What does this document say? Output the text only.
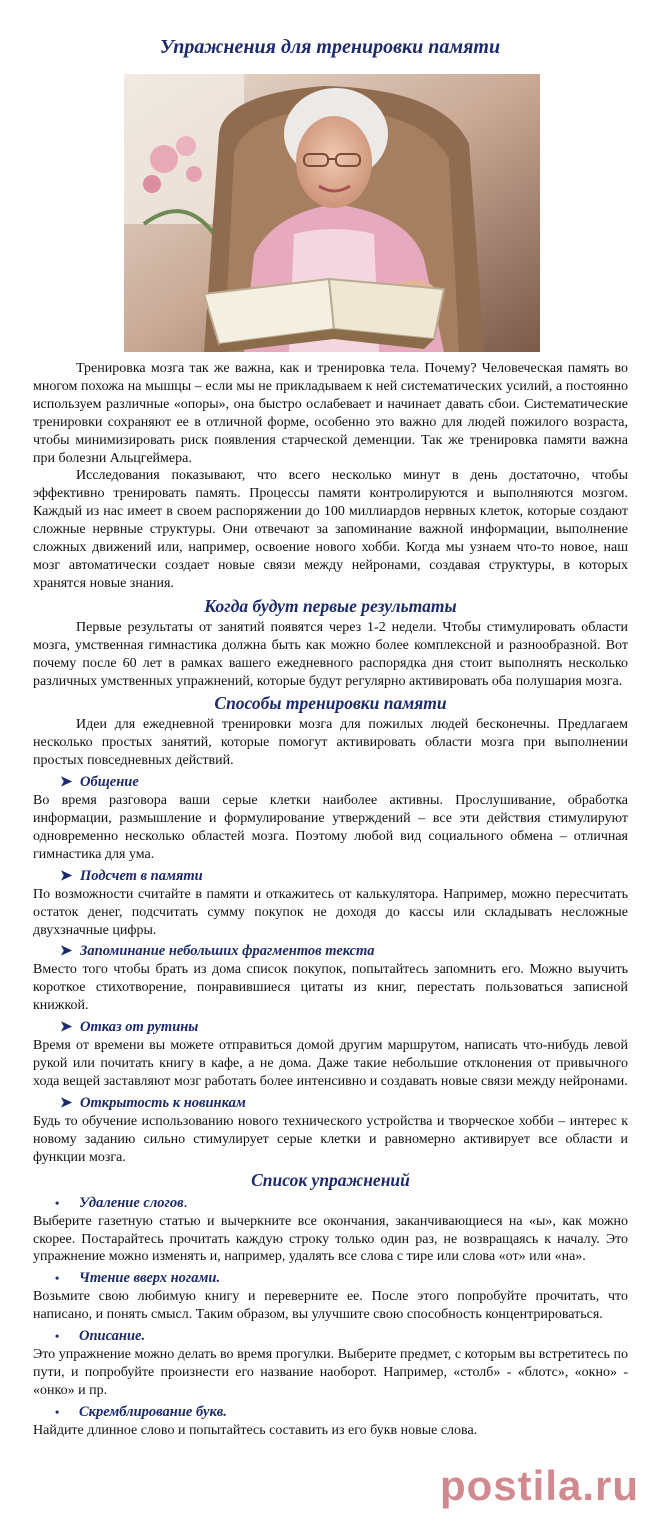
Упражнения для тренировки памяти

Тренировка мозга так же важна, как и тренировка тела. Почему? Человеческая память во многом похожа на мышцы – если мы не прикладываем к ней систематических усилий, а постоянно используем различные «опоры», она быстро ослабевает и начинает давать сбои. Систематические тренировки сохраняют ее в отличной форме, особенно это важно для людей пожилого возраста, чтобы минимизировать риск появления старческой деменции. Так же тренировка памяти важна при болезни Альцгеймера.

Исследования показывают, что всего несколько минут в день достаточно, чтобы эффективно тренировать память. Процессы памяти контролируются и выполняются мозгом. Каждый из нас имеет в своем распоряжении до 100 миллиардов нервных клеток, которые создают сложные нервные структуры. Они отвечают за запоминание важной информации, выполнение сложных движений или, например, освоение нового хобби. Когда мы узнаем что-то новое, наш мозг автоматически создает новые связи между нейронами, создавая структуры, в которых хранятся новые знания.

Когда будут первые результаты

Первые результаты от занятий появятся через 1-2 недели. Чтобы стимулировать области мозга, умственная гимнастика должна быть как можно более комплексной и разнообразной. Вот почему после 60 лет в рамках вашего ежедневного распорядка дня стоит выполнять несколько различных умственных упражнений, которые будут регулярно активировать оба полушария мозга.

Способы тренировки памяти

Идеи для ежедневной тренировки мозга для пожилых людей бесконечны. Предлагаем несколько простых занятий, которые помогут активировать области мозга при выполнении простых повседневных действий.

➤ Общение

Во время разговора ваши серые клетки наиболее активны. Прослушивание, обработка информации, размышление и формулирование утверждений – все эти действия стимулируют одновременно несколько областей мозга. Поэтому любой вид социального обмена – отличная гимнастика для ума.

➤ Подсчет в памяти

По возможности считайте в памяти и откажитесь от калькулятора. Например, можно пересчитать остаток денег, подсчитать сумму покупок не доходя до кассы или складывать несложные двухзначные цифры.

➤ Запоминание небольших фрагментов текста

Вместо того чтобы брать из дома список покупок, попытайтесь запомнить его. Можно выучить короткое стихотворение, понравившиеся цитаты из книг, перестать пользоваться записной книжкой.

➤ Отказ от рутины

Время от времени вы можете отправиться домой другим маршрутом, написать что-нибудь левой рукой или почитать книгу в кафе, а не дома. Даже такие небольшие отклонения от привычного хода вещей заставляют мозг работать более интенсивно и создавать новые связи между нейронами.

➤ Открытость к новинкам

Будь то обучение использованию нового технического устройства и творческое хобби – интерес к новому заданию сильно стимулирует серые клетки и равномерно активирует все области и функции мозга.

Список упражнений
• Удаление слогов.

Выберите газетную статью и вычеркните все окончания, заканчивающиеся на «ы», как можно скорее. Постарайтесь прочитать каждую строку только один раз, не возвращаясь к началу. Это упражнение можно изменять и, например, удалять все слова с тире или слова «от» или «на».

• Чтение вверх ногами.

Возьмите свою любимую книгу и переверните ее. После этого попробуйте прочитать, что написано, и понять смысл. Таким образом, вы улучшите свою способность концентрироваться.

• Описание.

Это упражнение можно делать во время прогулки. Выберите предмет, с которым вы встретитесь по пути, и попробуйте произнести его название наоборот. Например, «столб» - «блотс», «окно» - «онко» и пр.

• Скремблирование букв.

Найдите длинное слово и попытайтесь составить из его букв новые слова.

postila.ru
